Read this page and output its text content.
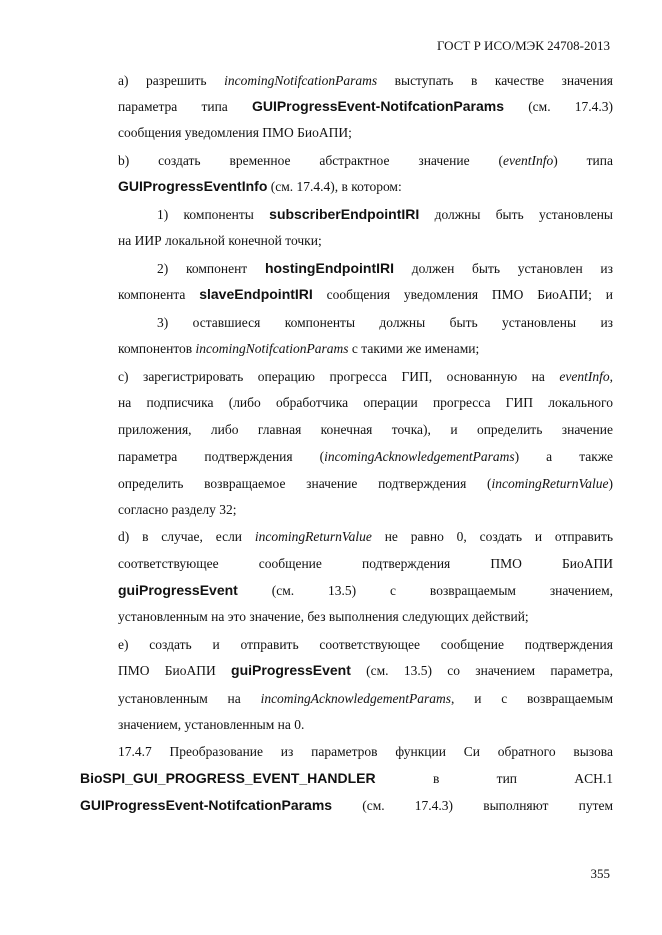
ГОСТ Р ИСО/МЭК 24708-2013
а) разрешить incomingNotifcationParams выступать в качестве значения
параметра типа GUIProgressEvent-NotifcationParams (см. 17.4.3)
сообщения уведомления ПМО БиоАПИ;
b) создать временное абстрактное значение (eventInfo) типа
GUIProgressEventInfo (см. 17.4.4), в котором:
1) компоненты subscriberEndpointIRI должны быть установлены
на ИИР локальной конечной точки;
2) компонент hostingEndpointIRI должен быть установлен из
компонента slaveEndpointIRI сообщения уведомления ПМО БиоАПИ; и
3) оставшиеся компоненты должны быть установлены из
компонентов incomingNotifcationParams с такими же именами;
c) зарегистрировать операцию прогресса ГИП, основанную на eventInfo,
на подписчика (либо обработчика операции прогресса ГИП локального
приложения, либо главная конечная точка), и определить значение
параметра подтверждения (incomingAcknowledgementParams) а также
определить возвращаемое значение подтверждения (incomingReturnValue)
согласно разделу 32;
d) в случае, если incomingReturnValue не равно 0, создать и отправить
соответствующее сообщение подтверждения ПМО БиоАПИ
guiProgressEvent (см. 13.5) с возвращаемым значением,
установленным на это значение, без выполнения следующих действий;
e) создать и отправить соответствующее сообщение подтверждения
ПМО БиоАПИ guiProgressEvent (см. 13.5) со значением параметра,
установленным на incomingAcknowledgementParams, и с возвращаемым
значением, установленным на 0.
17.4.7 Преобразование из параметров функции Си обратного вызова
BioSPI_GUI_PROGRESS_EVENT_HANDLER в тип ACH.1
GUIProgressEvent-NotifcationParams (см. 17.4.3) выполняют путем
355
